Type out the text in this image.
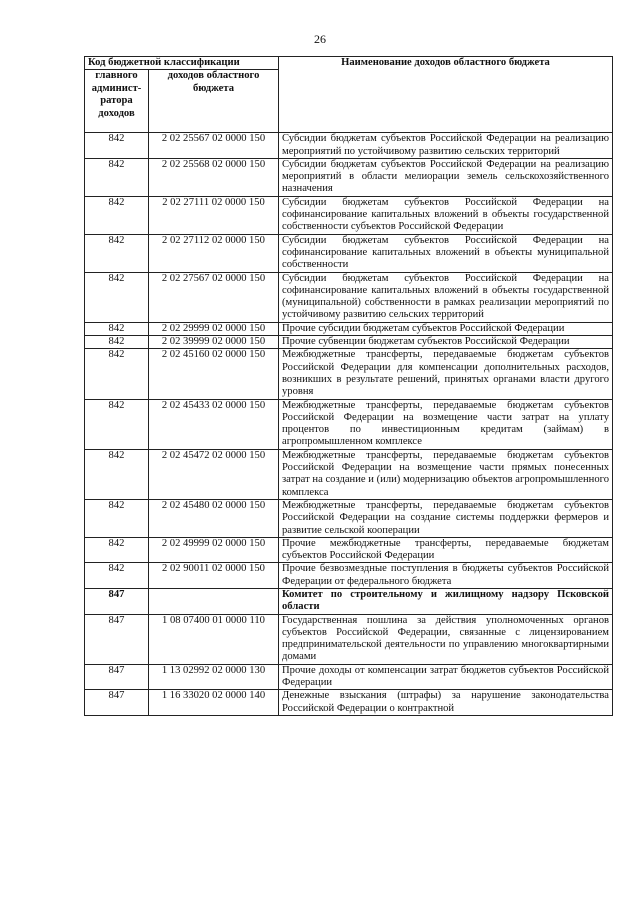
26
Код бюджетной классификации		Наименование доходов областного бюджета
главного админист-ратора доходов	доходов областного бюджета	
842	2 02 25567 02 0000 150	Субсидии бюджетам субъектов Российской Федерации на реализацию мероприятий по устойчивому развитию сельских территорий
842	2 02 25568 02 0000 150	Субсидии бюджетам субъектов Российской Федерации на реализацию мероприятий в области мелиорации земель сельскохозяйственного назначения
842	2 02 27111 02 0000 150	Субсидии бюджетам субъектов Российской Федерации на софинансирование капитальных вложений в объекты государственной собственности субъектов Российской Федерации
842	2 02 27112 02 0000 150	Субсидии бюджетам субъектов Российской Федерации на софинансирование капитальных вложений в объекты муниципальной собственности
842	2 02 27567 02 0000 150	Субсидии бюджетам субъектов Российской Федерации на софинансирование капитальных вложений в объекты государственной (муниципальной) собственности в рамках реализации мероприятий по устойчивому развитию сельских территорий
842	2 02 29999 02 0000 150	Прочие субсидии бюджетам субъектов Российской Федерации
842	2 02 39999 02 0000 150	Прочие субвенции бюджетам субъектов Российской Федерации
842	2 02 45160 02 0000 150	Межбюджетные трансферты, передаваемые бюджетам субъектов Российской Федерации для компенсации дополнительных расходов, возникших в результате решений, принятых органами власти другого уровня
842	2 02 45433 02 0000 150	Межбюджетные трансферты, передаваемые бюджетам субъектов Российской Федерации на возмещение части затрат на уплату процентов по инвестиционным кредитам (займам) в агропромышленном комплексе
842	2 02 45472 02 0000 150	Межбюджетные трансферты, передаваемые бюджетам субъектов Российской Федерации на возмещение части прямых понесенных затрат на создание и (или) модернизацию объектов агропромышленного комплекса
842	2 02 45480 02 0000 150	Межбюджетные трансферты, передаваемые бюджетам субъектов Российской Федерации на создание системы поддержки фермеров и развитие сельской кооперации
842	2 02 49999 02 0000 150	Прочие межбюджетные трансферты, передаваемые бюджетам субъектов Российской Федерации
842	2 02 90011 02 0000 150	Прочие безвозмездные поступления в бюджеты субъектов Российской Федерации от федерального бюджета
847		Комитет по строительному и жилищному надзору Псковской области
847	1 08 07400 01 0000 110	Государственная пошлина за действия уполномоченных органов субъектов Российской Федерации, связанные с лицензированием предпринимательской деятельности по управлению многоквартирными домами
847	1 13 02992 02 0000 130	Прочие доходы от компенсации затрат бюджетов субъектов Российской Федерации
847	1 16 33020 02 0000 140	Денежные взыскания (штрафы) за нарушение законодательства Российской Федерации о контрактной
